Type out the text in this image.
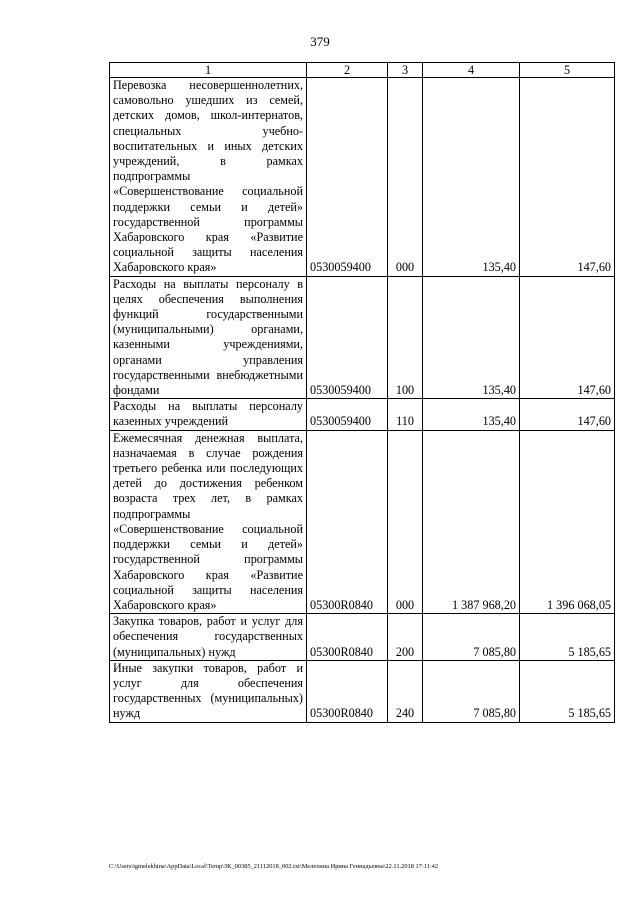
379
1	2	3	4	5
Перевозка несовершеннолетних, самовольно ушедших из семей, детских домов, школ-интернатов, специальных учебно-воспитательных и иных детских учреждений, в рамках подпрограммы «Совершенствование социальной поддержки семьи и детей» государственной программы Хабаровского края «Развитие социальной защиты населения Хабаровского края»	0530059400	000	135,40	147,60
Расходы на выплаты персоналу в целях обеспечения выполнения функций государственными (муниципальными) органами, казенными учреждениями, органами управления государственными внебюджетными фондами	0530059400	100	135,40	147,60
Расходы на выплаты персоналу казенных учреждений	0530059400	110	135,40	147,60
Ежемесячная денежная выплата, назначаемая в случае рождения третьего ребенка или последующих детей до достижения ребенком возраста трех лет, в рамках подпрограммы «Совершенствование социальной поддержки семьи и детей» государственной программы Хабаровского края «Развитие социальной защиты населения Хабаровского края»	05300R0840	000	1 387 968,20	1 396 068,05
Закупка товаров, работ и услуг для обеспечения государственных (муниципальных) нужд	05300R0840	200	7 085,80	5 185,65
Иные закупки товаров, работ и услуг для обеспечения государственных (муниципальных) нужд	05300R0840	240	7 085,80	5 185,65
C:\Users\igmelekhina\AppData\Local\Temp\ЗК_00385_21112018_002.txt\Мелехина Ирина Геннадьевна\22.11.2018 17:11:42
